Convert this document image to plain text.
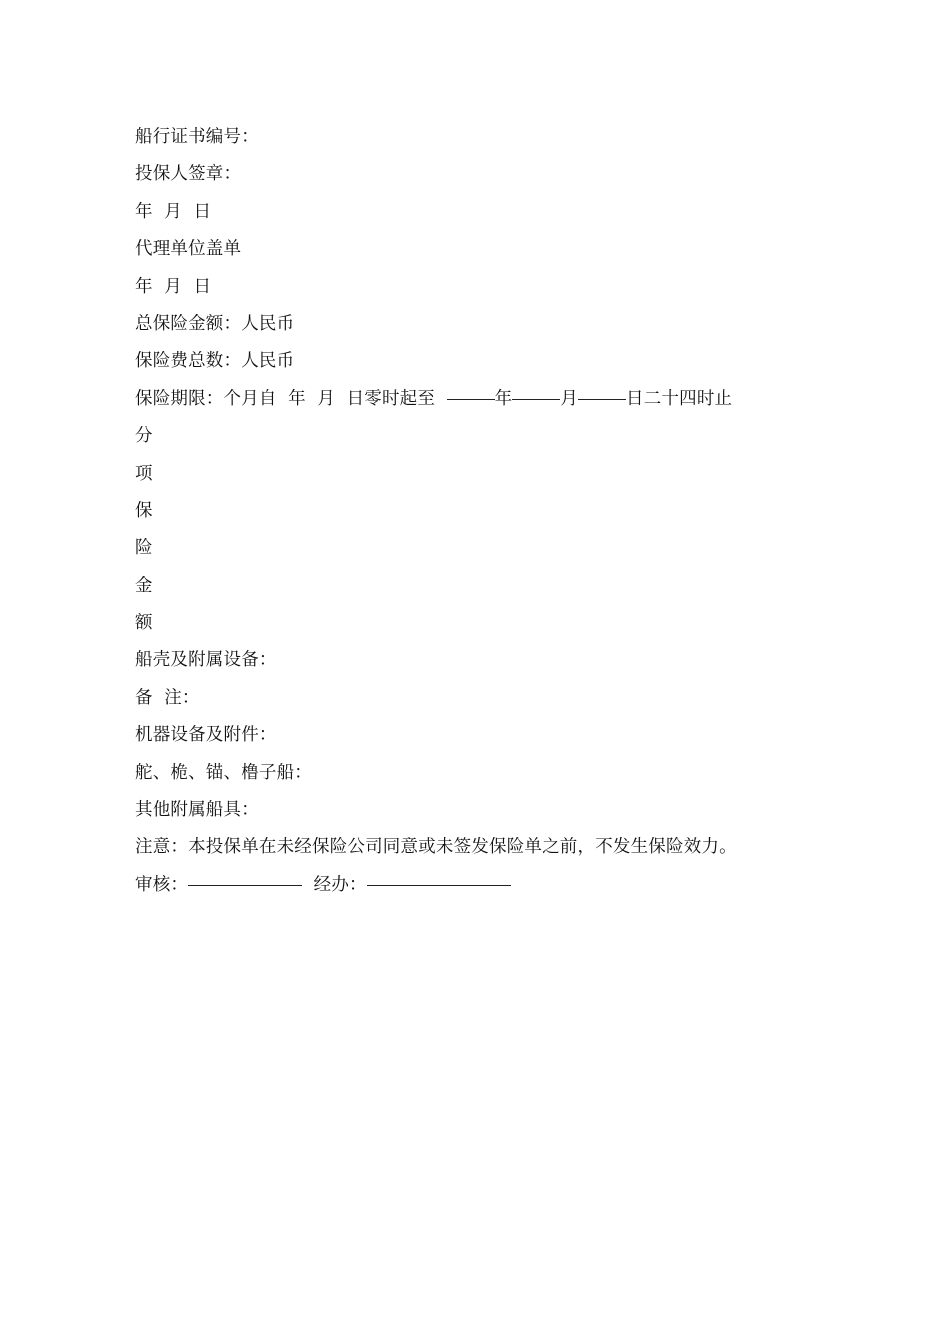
船行证书编号：
投保人签章：
年  月  日
代理单位盖单
年  月  日
总保险金额：人民币
保险费总数：人民币
保险期限：个月自  年  月  日零时起至	年	月	日二十四时止
分
项
保
险
金
额
船壳及附属设备：
备  注：
机器设备及附件：
舵、桅、锚、橹子船：
其他附属船具：
注意：本投保单在未经保险公司同意或未签发保险单之前，不发生保险效力。
审核：	经办：
